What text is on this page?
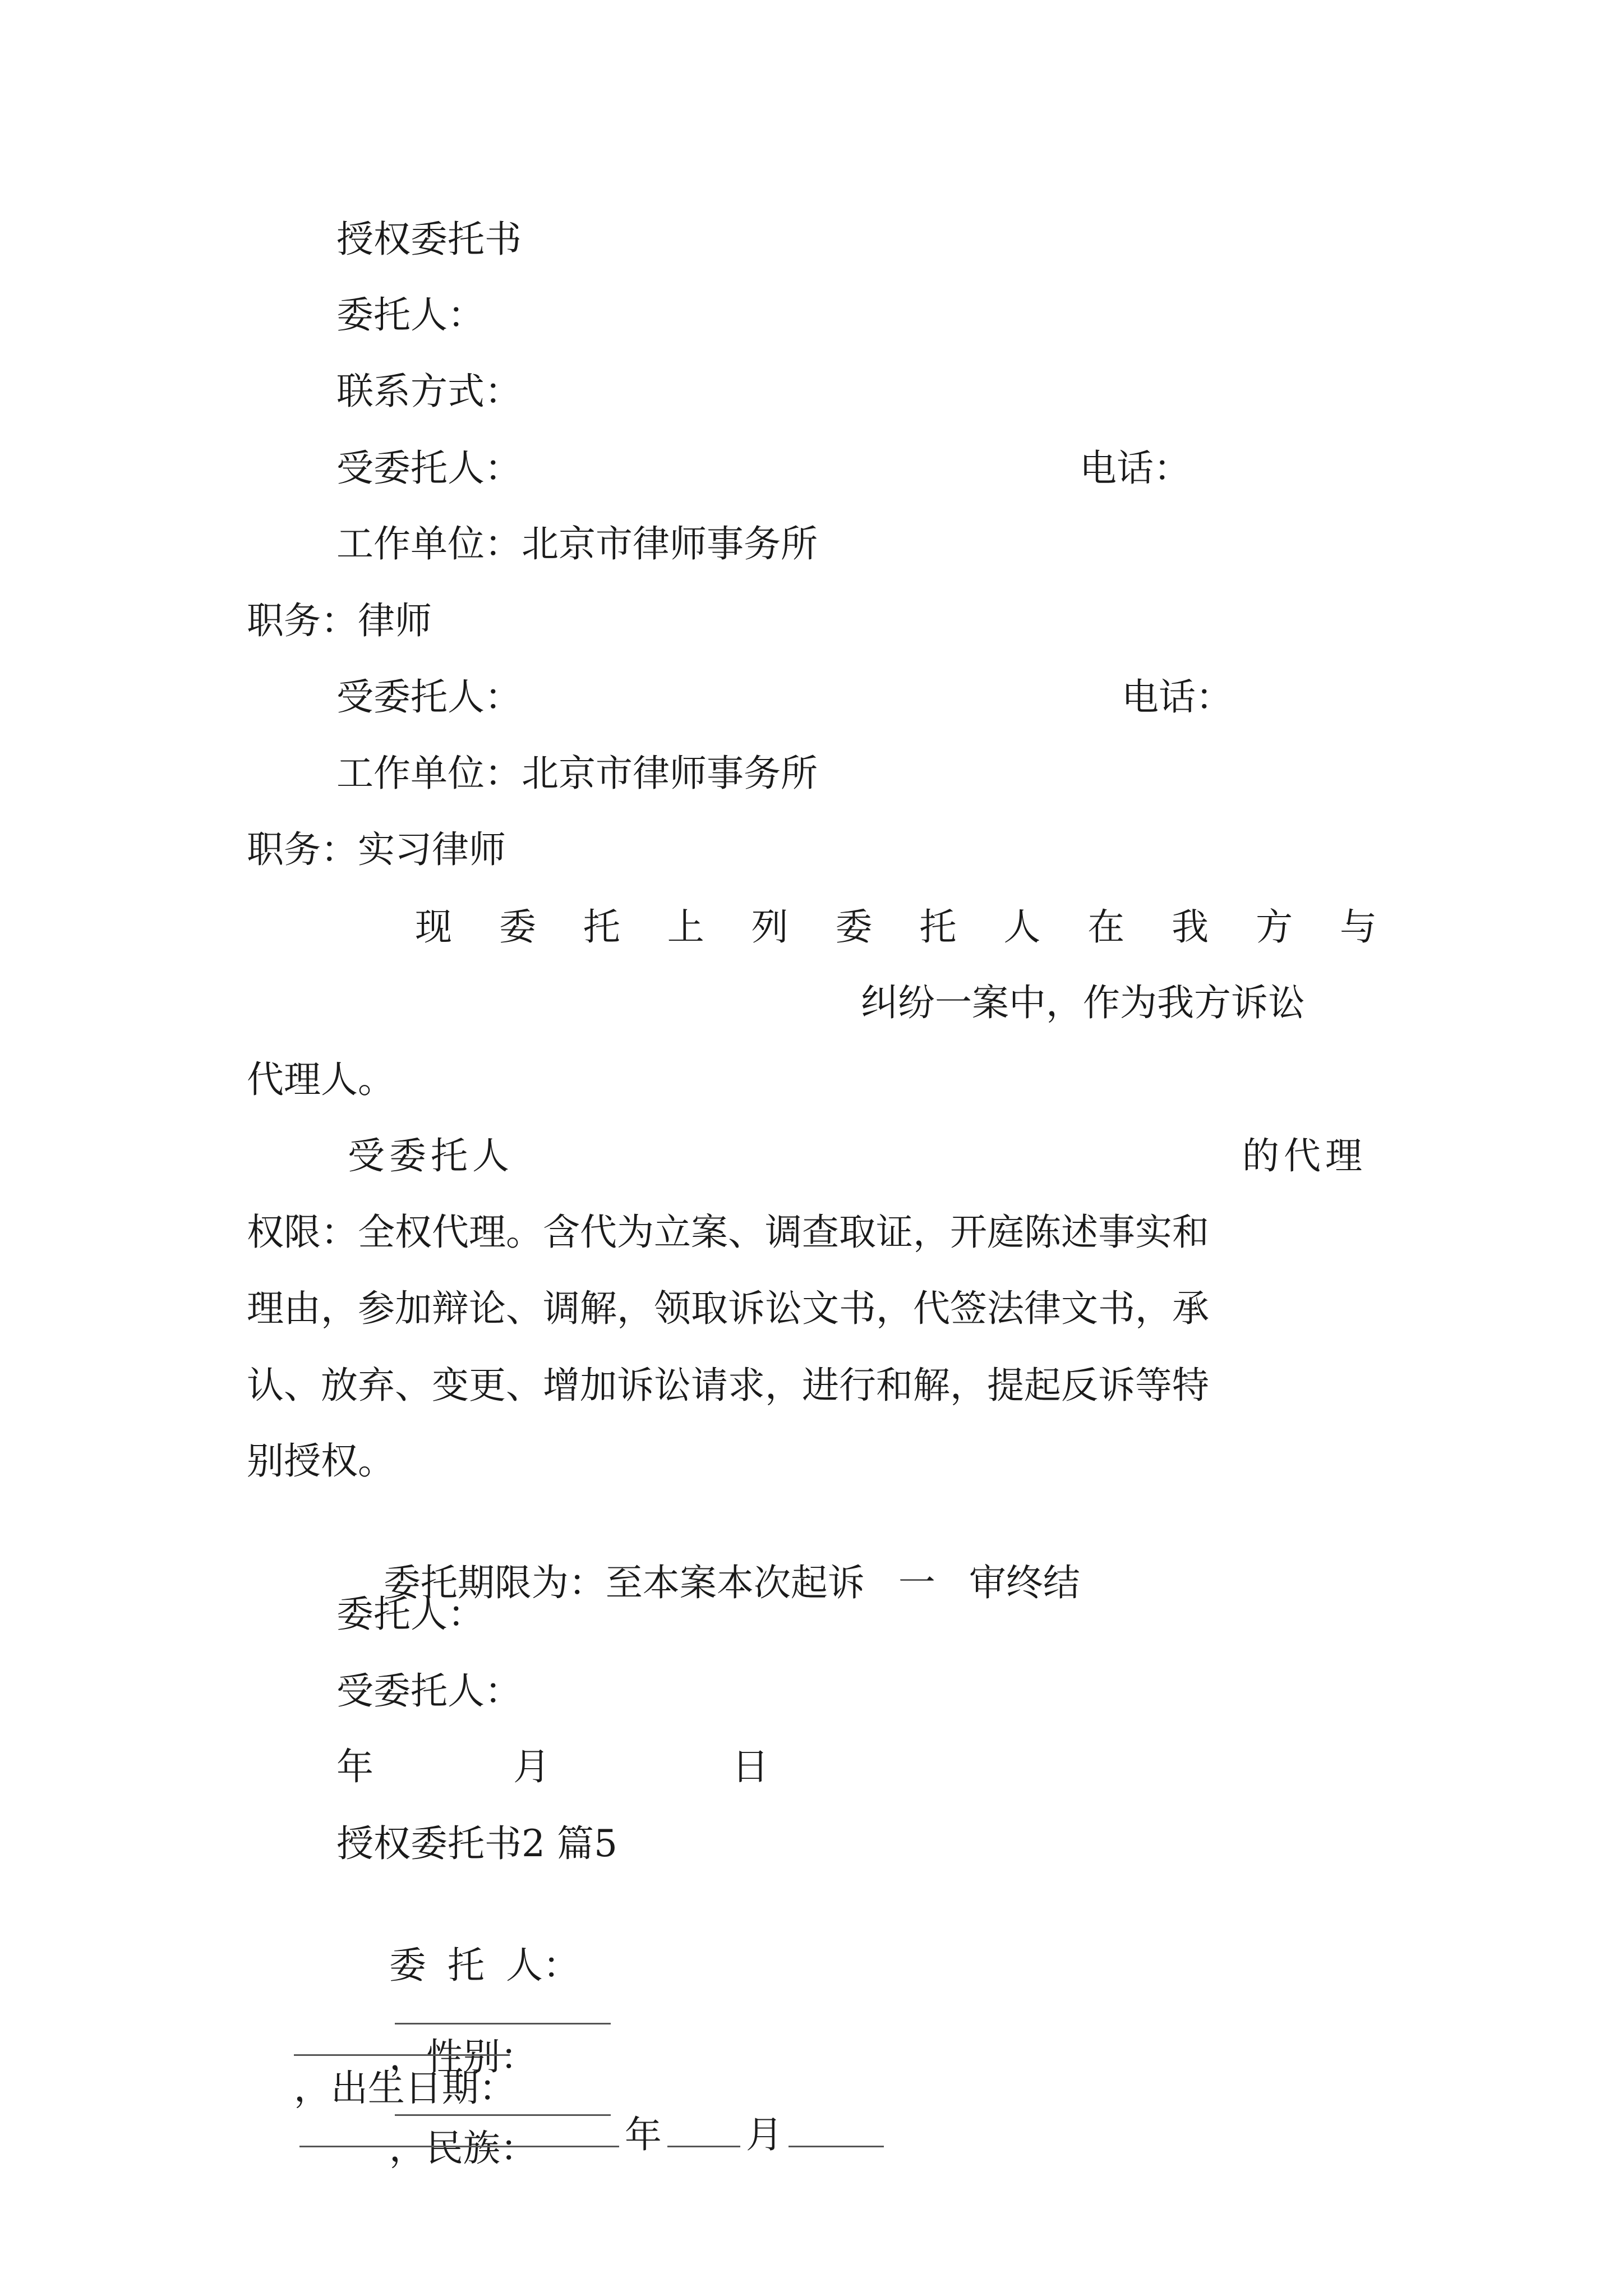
授权委托书
委托人：
联系方式：
受委托人：	电话：
工作单位：北京市律师事务所
职务：律师
受委托人：	电话：
工作单位：北京市律师事务所
职务：实习律师
现 委 托 上 列 委 托 人 在 我 方 与
纠纷一案中，作为我方诉讼
代理人。
受委托人	的代理
权限：全权代理。含代为立案、调查取证，开庭陈述事实和
理由，参加辩论、调解，领取诉讼文书，代签法律文书，承
认、放弃、变更、增加诉讼请求，进行和解，提起反诉等特
别授权。

委托期限为：至本案本次起诉 一 审终结

委托人：
受委托人：
年	月	日
授权委托书2 篇5

委 托 人：

，性别：

，民族：

，出生日期：
年 月
